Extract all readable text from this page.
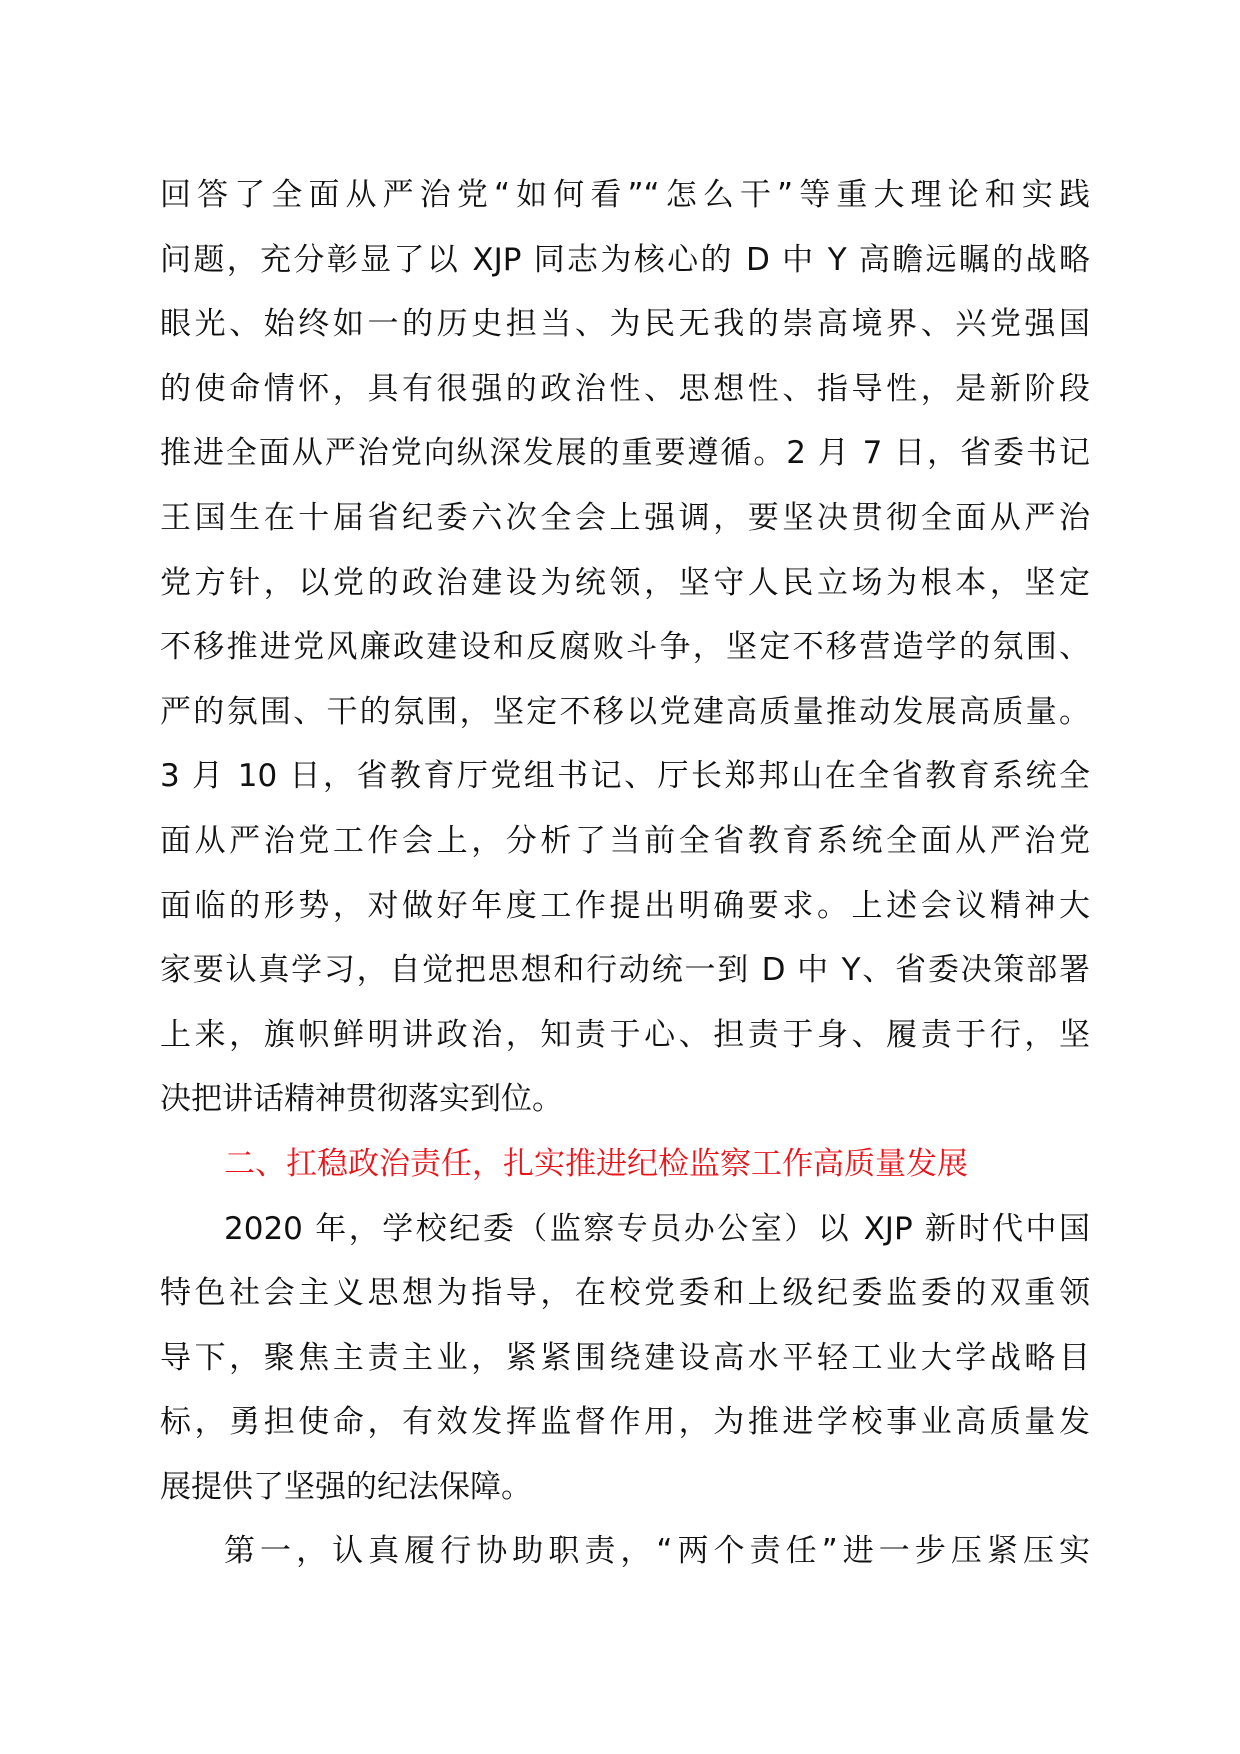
回答了全面从严治党“如何看”“怎么干”等重大理论和实践
问题，充分彰显了以 XJP 同志为核心的 D 中 Y 高瞻远瞩的战略
眼光、始终如一的历史担当、为民无我的崇高境界、兴党强国
的使命情怀，具有很强的政治性、思想性、指导性，是新阶段
推进全面从严治党向纵深发展的重要遵循。2 月 7 日，省委书记
王国生在十届省纪委六次全会上强调，要坚决贯彻全面从严治
党方针，以党的政治建设为统领，坚守人民立场为根本，坚定
不移推进党风廉政建设和反腐败斗争，坚定不移营造学的氛围、
严的氛围、干的氛围，坚定不移以党建高质量推动发展高质量。
3 月 10 日，省教育厅党组书记、厅长郑邦山在全省教育系统全
面从严治党工作会上，分析了当前全省教育系统全面从严治党
面临的形势，对做好年度工作提出明确要求。上述会议精神大
家要认真学习，自觉把思想和行动统一到 D 中 Y、省委决策部署
上来，旗帜鲜明讲政治，知责于心、担责于身、履责于行，坚
决把讲话精神贯彻落实到位。
二、扛稳政治责任，扎实推进纪检监察工作高质量发展
2020 年，学校纪委（监察专员办公室）以 XJP 新时代中国
特色社会主义思想为指导，在校党委和上级纪委监委的双重领
导下，聚焦主责主业，紧紧围绕建设高水平轻工业大学战略目
标，勇担使命，有效发挥监督作用，为推进学校事业高质量发
展提供了坚强的纪法保障。
第一，认真履行协助职责，“两个责任”进一步压紧压实
